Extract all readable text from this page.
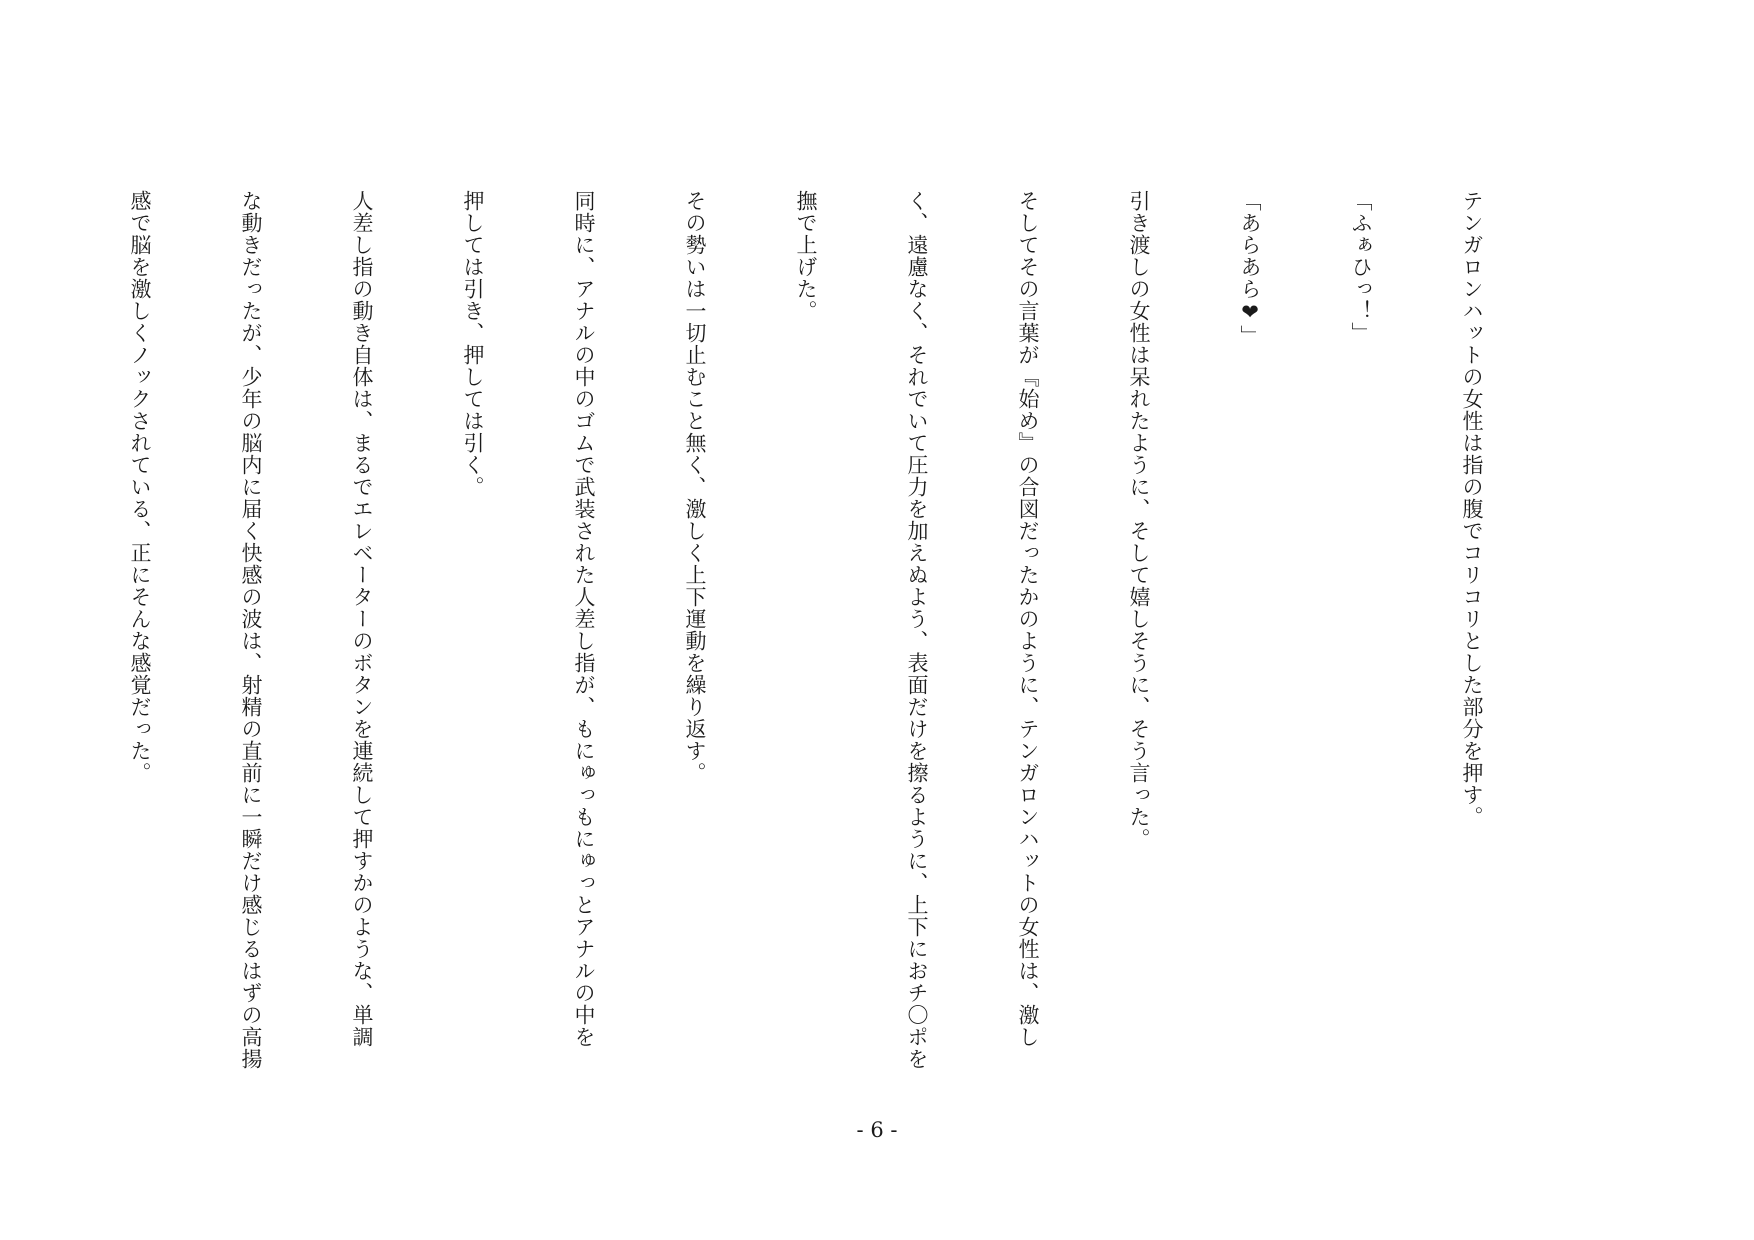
テンガロンハットの女性は指の腹でコリコリとした部分を押す。

「ふぁひっ！」

「あらあら❤」

引き渡しの女性は呆れたように、そして嬉しそうに、そう言った。

そしてその言葉が『始め』の合図だったかのように、テンガロンハットの女性は、激し

く、遠慮なく、それでいて圧力を加えぬよう、表面だけを擦るように、上下におチ〇ポを

撫で上げた。

その勢いは一切止むこと無く、激しく上下運動を繰り返す。

同時に、アナルの中のゴムで武装された人差し指が、もにゅっもにゅっとアナルの中を

押しては引き、押しては引く。

人差し指の動き自体は、まるでエレベーターのボタンを連続して押すかのような、単調

な動きだったが、少年の脳内に届く快感の波は、射精の直前に一瞬だけ感じるはずの高揚

感で脳を激しくノックされている、正にそんな感覚だった。

- 6 -
